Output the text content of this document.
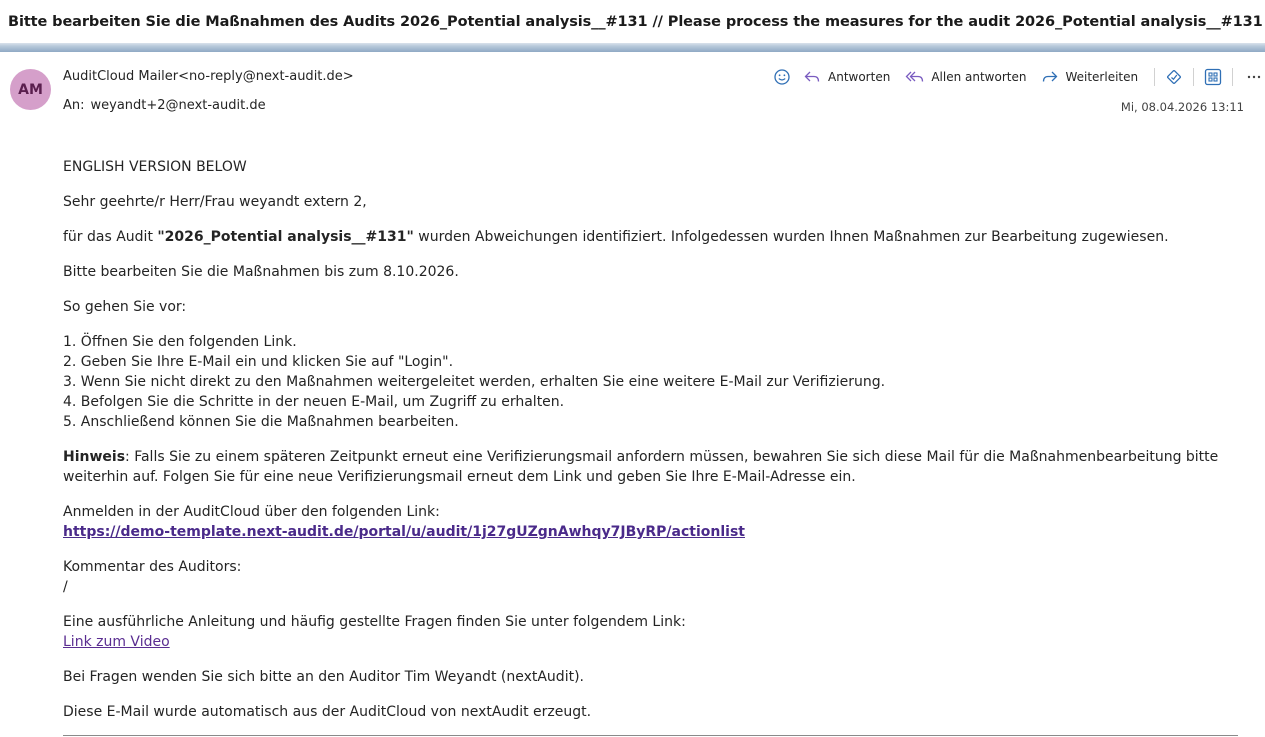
Bitte bearbeiten Sie die Maßnahmen des Audits 2026_Potential analysis__#131 // Please process the measures for the audit 2026_Potential analysis__#131
AM
AuditCloud Mailer<no-reply@next-audit.de>
An: weyandt+2@next-audit.de
Antworten	Allen antworten	Weiterleiten
Mi, 08.04.2026 13:11

ENGLISH VERSION BELOW

Sehr geehrte/r Herr/Frau weyandt extern 2,

für das Audit "2026_Potential analysis__#131" wurden Abweichungen identifiziert. Infolgedessen wurden Ihnen Maßnahmen zur Bearbeitung zugewiesen.

Bitte bearbeiten Sie die Maßnahmen bis zum 8.10.2026.

So gehen Sie vor:

1. Öffnen Sie den folgenden Link.
2. Geben Sie Ihre E-Mail ein und klicken Sie auf "Login".
3. Wenn Sie nicht direkt zu den Maßnahmen weitergeleitet werden, erhalten Sie eine weitere E-Mail zur Verifizierung.
4. Befolgen Sie die Schritte in der neuen E-Mail, um Zugriff zu erhalten.
5. Anschließend können Sie die Maßnahmen bearbeiten.

Hinweis: Falls Sie zu einem späteren Zeitpunkt erneut eine Verifizierungsmail anfordern müssen, bewahren Sie sich diese Mail für die Maßnahmenbearbeitung bitte weiterhin auf. Folgen Sie für eine neue Verifizierungsmail erneut dem Link und geben Sie Ihre E-Mail-Adresse ein.

Anmelden in der AuditCloud über den folgenden Link:
https://demo-template.next-audit.de/portal/u/audit/1j27gUZgnAwhqy7JByRP/actionlist

Kommentar des Auditors:
/

Eine ausführliche Anleitung und häufig gestellte Fragen finden Sie unter folgendem Link:
Link zum Video

Bei Fragen wenden Sie sich bitte an den Auditor Tim Weyandt (nextAudit).

Diese E-Mail wurde automatisch aus der AuditCloud von nextAudit erzeugt.
